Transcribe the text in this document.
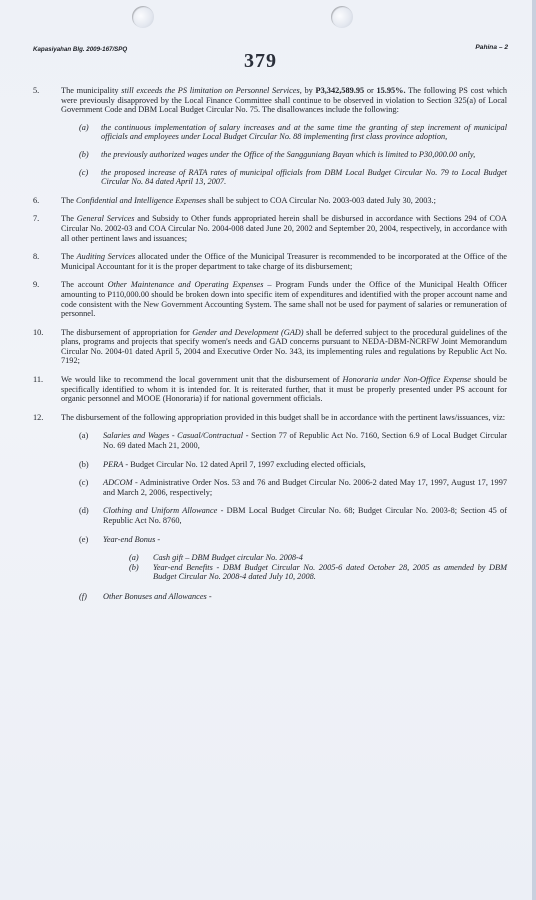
Kapasiyahan Blg. 2009-167/SPQ
379
Pahina – 2
5.	The municipality still exceeds the PS limitation on Personnel Services, by P3,342,589.95 or 15.95%. The following PS cost which were previously disapproved by the Local Finance Committee shall continue to be observed in violation to Section 325(a) of Local Government Code and DBM Local Budget Circular No. 75. The disallowances include the following:
(a) the continuous implementation of salary increases and at the same time the granting of step increment of municipal officials and employees under Local Budget Circular No. 88 implementing first class province adoption,
(b) the previously authorized wages under the Office of the Sangguniang Bayan which is limited to P30,000.00 only,
(c) the proposed increase of RATA rates of municipal officials from DBM Local Budget Circular No. 79 to Local Budget Circular No. 84 dated April 13, 2007.
6.	The Confidential and Intelligence Expenses shall be subject to COA Circular No. 2003-003 dated July 30, 2003.;
7.	The General Services and Subsidy to Other funds appropriated herein shall be disbursed in accordance with Sections 294 of COA Circular No. 2002-03 and COA Circular No. 2004-008 dated June 20, 2002 and September 20, 2004, respectively, in accordance with all other pertinent laws and issuances;
8.	The Auditing Services allocated under the Office of the Municipal Treasurer is recommended to be incorporated at the Office of the Municipal Accountant for it is the proper department to take charge of its disbursement;
9.	The account Other Maintenance and Operating Expenses – Program Funds under the Office of the Municipal Health Officer amounting to P110,000.00 should be broken down into specific item of expenditures and identified with the proper account name and code consistent with the New Government Accounting System. The same shall not be used for payment of salaries or remuneration of personnel.
10. The disbursement of appropriation for Gender and Development (GAD) shall be deferred subject to the procedural guidelines of the plans, programs and projects that specify women's needs and GAD concerns pursuant to NEDA-DBM-NCRFW Joint Memorandum Circular No. 2004-01 dated April 5, 2004 and Executive Order No. 343, its implementing rules and regulations by Republic Act No. 7192;
11. We would like to recommend the local government unit that the disbursement of Honoraria under Non-Office Expense should be specifically identified to whom it is intended for. It is reiterated further, that it must be properly presented under PS account for organic personnel and MOOE (Honoraria) if for national government officials.
12. The disbursement of the following appropriation provided in this budget shall be in accordance with the pertinent laws/issuances, viz:
(a) Salaries and Wages - Casual/Contractual - Section 77 of Republic Act No. 7160, Section 6.9 of Local Budget Circular No. 69 dated Mach 21, 2000,
(b) PERA - Budget Circular No. 12 dated April 7, 1997 excluding elected officials,
(c) ADCOM - Administrative Order Nos. 53 and 76 and Budget Circular No. 2006-2 dated May 17, 1997, August 17, 1997 and March 2, 2006, respectively;
(d) Clothing and Uniform Allowance - DBM Local Budget Circular No. 68; Budget Circular No. 2003-8; Section 45 of Republic Act No. 8760,
(e) Year-end Bonus -
(a) Cash gift – DBM Budget circular No. 2008-4
(b) Year-end Benefits - DBM Budget Circular No. 2005-6 dated October 28, 2005 as amended by DBM Budget Circular No. 2008-4 dated July 10, 2008.
(f) Other Bonuses and Allowances -
